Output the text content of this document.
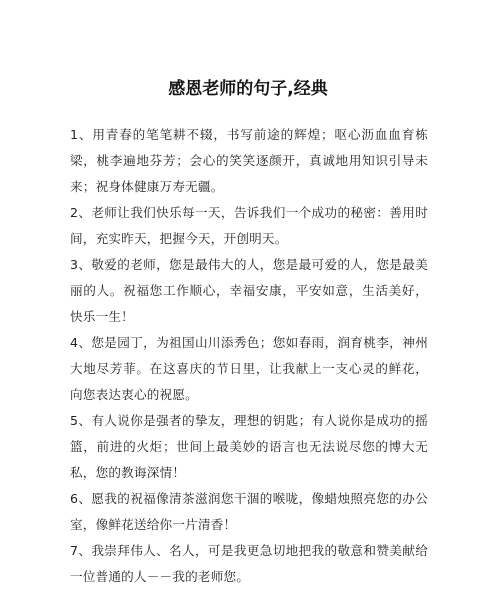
感恩老师的句子,经典

1、用青春的笔笔耕不辍，书写前途的辉煌；呕心沥血血育栋梁，桃李遍地芬芳；会心的笑笑逐颜开，真诚地用知识引导未来；祝身体健康万寿无疆。

2、老师让我们快乐每一天，告诉我们一个成功的秘密：善用时间，充实昨天，把握今天，开创明天。

3、敬爱的老师，您是最伟大的人，您是最可爱的人，您是最美丽的人。祝福您工作顺心，幸福安康，平安如意，生活美好，快乐一生！

4、您是园丁，为祖国山川添秀色；您如春雨，润育桃李，神州大地尽芳菲。在这喜庆的节日里，让我献上一支心灵的鲜花，向您表达衷心的祝愿。

5、有人说你是强者的挚友，理想的钥匙；有人说你是成功的摇篮，前进的火炬；世间上最美妙的语言也无法说尽您的博大无私，您的教诲深情！

6、愿我的祝福像清茶滋润您干涸的喉咙，像蜡烛照亮您的办公室，像鲜花送给你一片清香！

7、我崇拜伟人、名人，可是我更急切地把我的敬意和赞美献给一位普通的人－－我的老师您。
